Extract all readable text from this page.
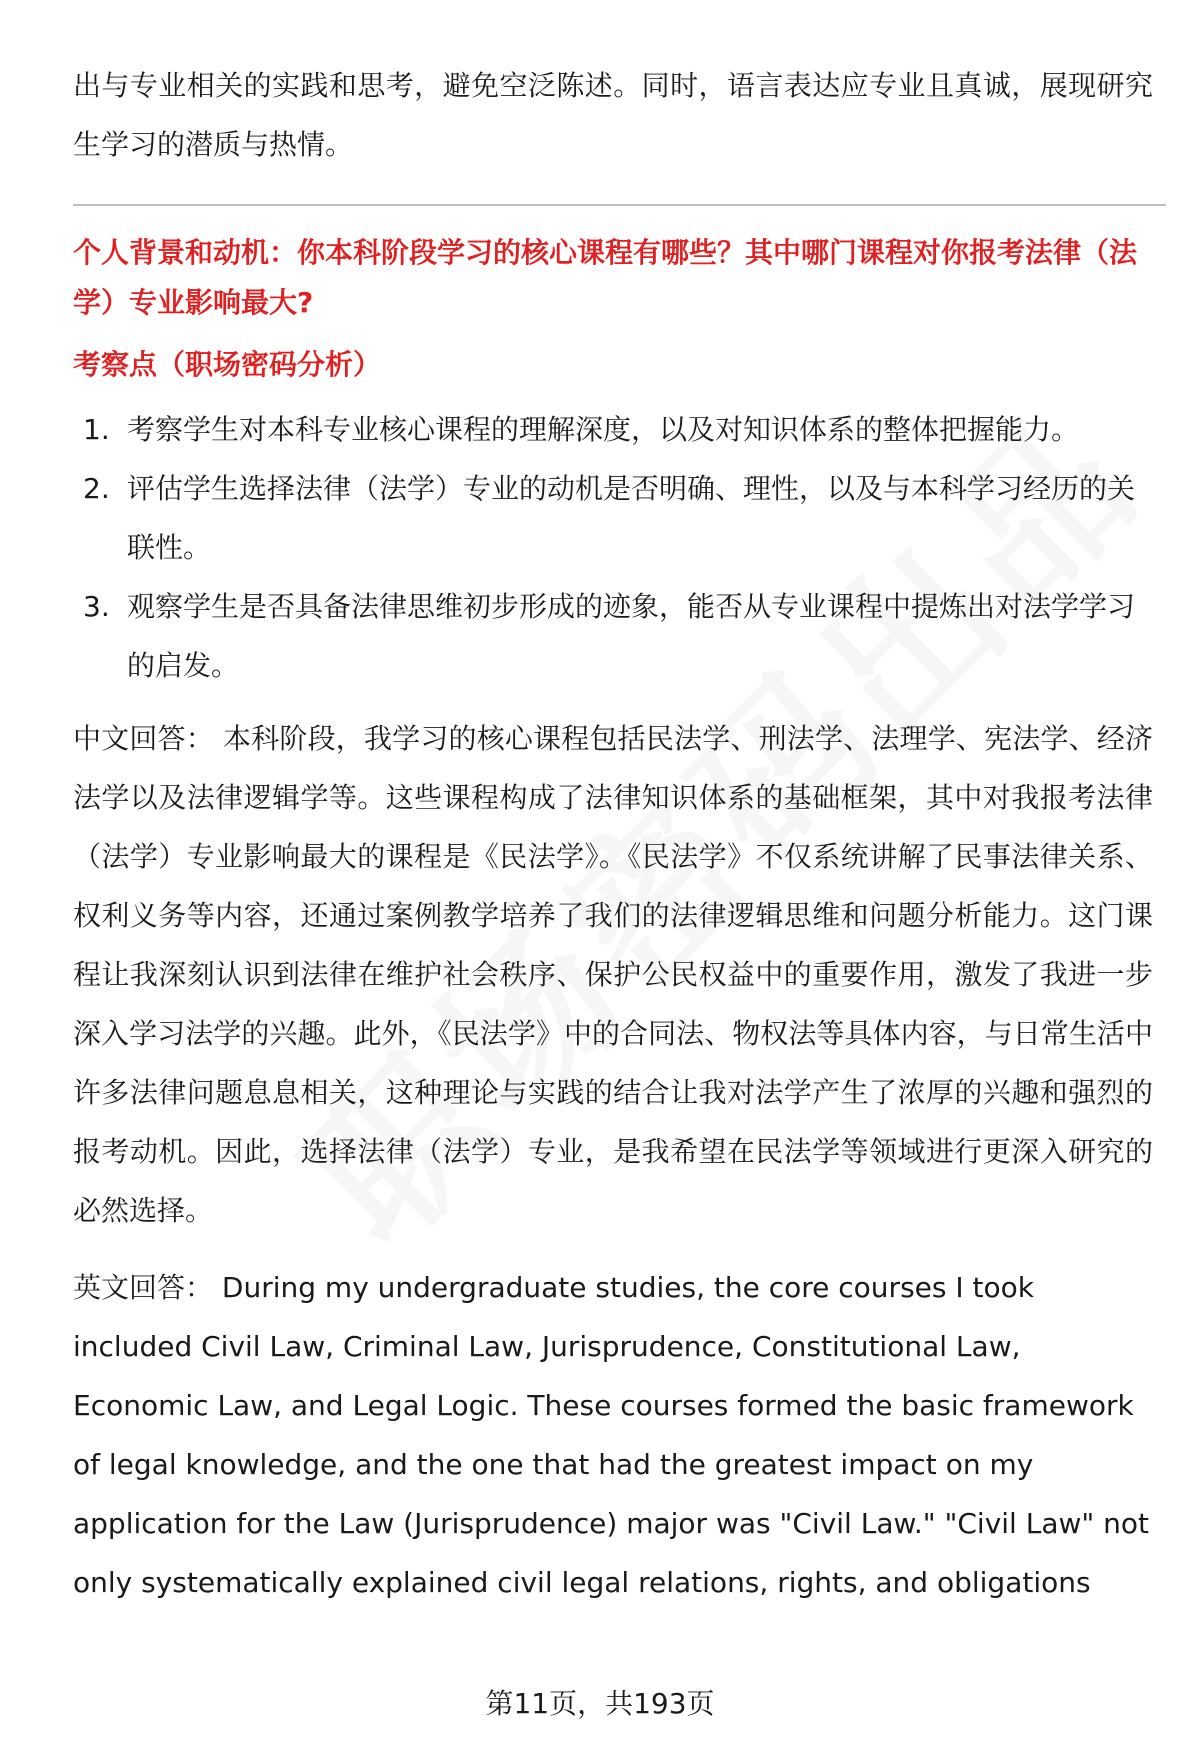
出与专业相关的实践和思考，避免空泛陈述。同时，语言表达应专业且真诚，展现研究生学习的潜质与热情。

个人背景和动机：你本科阶段学习的核心课程有哪些？其中哪门课程对你报考法律（法学）专业影响最大?

考察点（职场密码分析）

1. 考察学生对本科专业核心课程的理解深度，以及对知识体系的整体把握能力。
2. 评估学生选择法律（法学）专业的动机是否明确、理性，以及与本科学习经历的关联性。
3. 观察学生是否具备法律思维初步形成的迹象，能否从专业课程中提炼出对法学学习的启发。

中文回答： 本科阶段，我学习的核心课程包括民法学、刑法学、法理学、宪法学、经济法学以及法律逻辑学等。这些课程构成了法律知识体系的基础框架，其中对我报考法律（法学）专业影响最大的课程是《民法学》。《民法学》不仅系统讲解了民事法律关系、权利义务等内容，还通过案例教学培养了我们的法律逻辑思维和问题分析能力。这门课程让我深刻认识到法律在维护社会秩序、保护公民权益中的重要作用，激发了我进一步深入学习法学的兴趣。此外，《民法学》中的合同法、物权法等具体内容，与日常生活中许多法律问题息息相关，这种理论与实践的结合让我对法学产生了浓厚的兴趣和强烈的报考动机。因此，选择法律（法学）专业，是我希望在民法学等领域进行更深入研究的必然选择。

英文回答： During my undergraduate studies, the core courses I took included Civil Law, Criminal Law, Jurisprudence, Constitutional Law, Economic Law, and Legal Logic. These courses formed the basic framework of legal knowledge, and the one that had the greatest impact on my application for the Law (Jurisprudence) major was "Civil Law." "Civil Law" not only systematically explained civil legal relations, rights, and obligations

第11页，共193页
